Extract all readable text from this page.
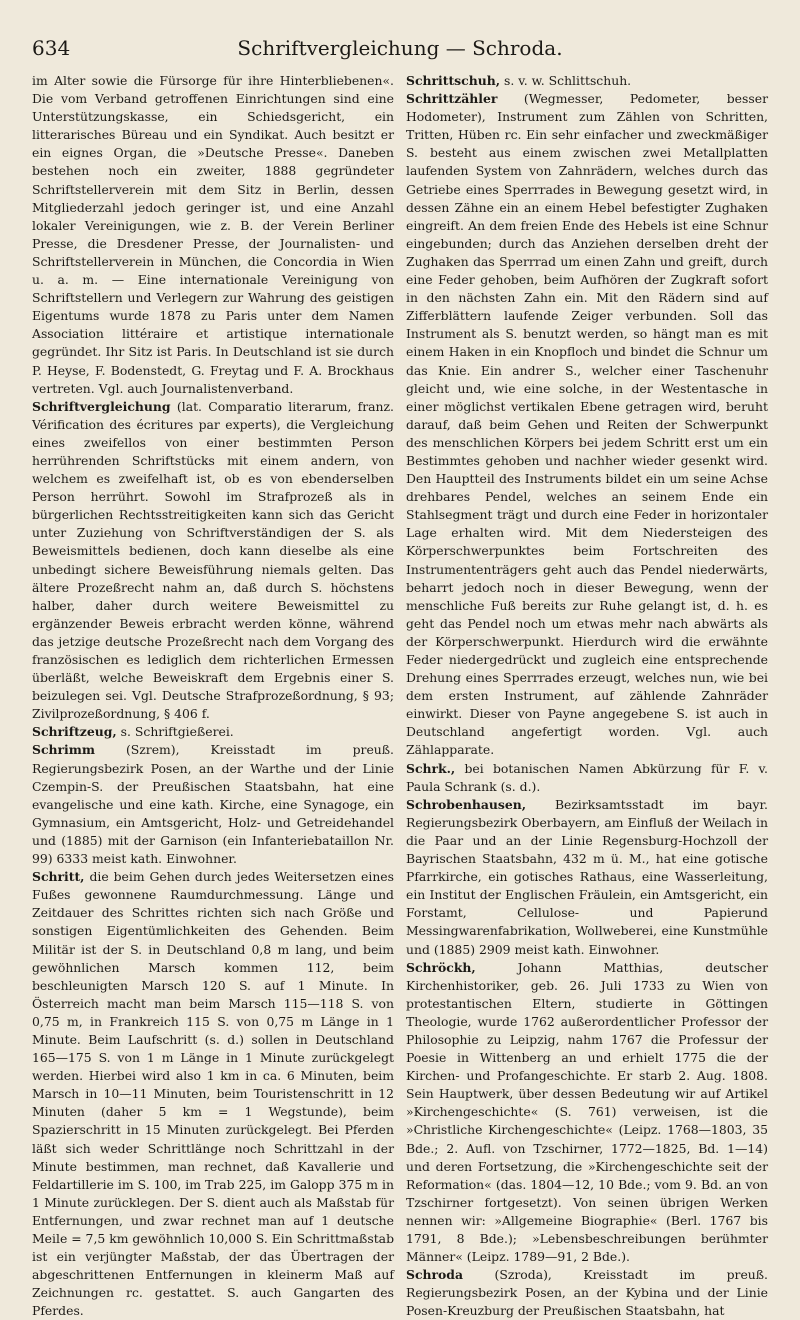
634	Schriftvergleichung — Schroda.

im Alter sowie die Fürsorge für ihre Hinterbliebenen«. Die vom Verband getroffenen Einrichtungen sind eine Unterstützungskasse, ein Schiedsgericht, ein litterarisches Büreau und ein Syndikat. Auch besitzt er ein eignes Organ, die »Deutsche Presse«. Daneben bestehen noch ein zweiter, 1888 gegründeter Schriftstellerverein mit dem Sitz in Berlin, dessen Mitgliederzahl jedoch geringer ist, und eine Anzahl lokaler Vereinigungen, wie z. B. der Verein Berliner Presse, die Dresdener Presse, der Journalisten- und Schriftstellerverein in München, die Concordia in Wien u. a. m. — Eine internationale Vereinigung von Schriftstellern und Verlegern zur Wahrung des geistigen Eigentums wurde 1878 zu Paris unter dem Namen Association littéraire et artistique internationale gegründet. Ihr Sitz ist Paris. In Deutschland ist sie durch P. Heyse, F. Bodenstedt, G. Freytag und F. A. Brockhaus vertreten. Vgl. auch Journalistenverband.

Schriftvergleichung (lat. Comparatio literarum, franz. Vérification des écritures par experts), die Vergleichung eines zweifellos von einer bestimmten Person herrührenden Schriftstücks mit einem andern, von welchem es zweifelhaft ist, ob es von ebenderselben Person herrührt. Sowohl im Strafprozeß als in bürgerlichen Rechtsstreitigkeiten kann sich das Gericht unter Zuziehung von Schriftverständigen der S. als Beweismittels bedienen, doch kann dieselbe als eine unbedingt sichere Beweisführung niemals gelten. Das ältere Prozeßrecht nahm an, daß durch S. höchstens halber, daher durch weitere Beweismittel zu ergänzender Beweis erbracht werden könne, während das jetzige deutsche Prozeßrecht nach dem Vorgang des französischen es lediglich dem richterlichen Ermessen überläßt, welche Beweiskraft dem Ergebnis einer S. beizulegen sei. Vgl. Deutsche Strafprozeßordnung, § 93; Zivilprozeßordnung, § 406 f.

Schriftzeug, s. Schriftgießerei.

Schrimm (Szrem), Kreisstadt im preuß. Regierungsbezirk Posen, an der Warthe und der Linie Czempin-S. der Preußischen Staatsbahn, hat eine evangelische und eine kath. Kirche, eine Synagoge, ein Gymnasium, ein Amtsgericht, Holz- und Getreidehandel und (1885) mit der Garnison (ein Infanteriebataillon Nr. 99) 6333 meist kath. Einwohner.

Schritt, die beim Gehen durch jedes Weitersetzen eines Fußes gewonnene Raumdurchmessung. Länge und Zeitdauer des Schrittes richten sich nach Größe und sonstigen Eigentümlichkeiten des Gehenden. Beim Militär ist der S. in Deutschland 0,8 m lang, und beim gewöhnlichen Marsch kommen 112, beim beschleunigten Marsch 120 S. auf 1 Minute. In Österreich macht man beim Marsch 115—118 S. von 0,75 m, in Frankreich 115 S. von 0,75 m Länge in 1 Minute. Beim Laufschritt (s. d.) sollen in Deutschland 165—175 S. von 1 m Länge in 1 Minute zurückgelegt werden. Hierbei wird also 1 km in ca. 6 Minuten, beim Marsch in 10—11 Minuten, beim Touristenschritt in 12 Minuten (daher 5 km = 1 Wegstunde), beim Spazierschritt in 15 Minuten zurückgelegt. Bei Pferden läßt sich weder Schrittlänge noch Schrittzahl in der Minute bestimmen, man rechnet, daß Kavallerie und Feldartillerie im S. 100, im Trab 225, im Galopp 375 m in 1 Minute zurücklegen. Der S. dient auch als Maßstab für Entfernungen, und zwar rechnet man auf 1 deutsche Meile = 7,5 km gewöhnlich 10,000 S. Ein Schrittmaßstab ist ein verjüngter Maßstab, der das Übertragen der abgeschrittenen Entfernungen in kleinerm Maß auf Zeichnungen rc. gestattet. S. auch Gangarten des Pferdes.

Schrittschuh, s. v. w. Schlittschuh.

Schrittzähler (Wegmesser, Pedometer, besser Hodometer), Instrument zum Zählen von Schritten, Tritten, Hüben rc. Ein sehr einfacher und zweckmäßiger S. besteht aus einem zwischen zwei Metallplatten laufenden System von Zahnrädern, welches durch das Getriebe eines Sperrrades in Bewegung gesetzt wird, in dessen Zähne ein an einem Hebel befestigter Zughaken eingreift. An dem freien Ende des Hebels ist eine Schnur eingebunden; durch das Anziehen derselben dreht der Zughaken das Sperrrad um einen Zahn und greift, durch eine Feder gehoben, beim Aufhören der Zugkraft sofort in den nächsten Zahn ein. Mit den Rädern sind auf Zifferblättern laufende Zeiger verbunden. Soll das Instrument als S. benutzt werden, so hängt man es mit einem Haken in ein Knopfloch und bindet die Schnur um das Knie. Ein andrer S., welcher einer Taschenuhr gleicht und, wie eine solche, in der Westentasche in einer möglichst vertikalen Ebene getragen wird, beruht darauf, daß beim Gehen und Reiten der Schwerpunkt des menschlichen Körpers bei jedem Schritt erst um ein Bestimmtes gehoben und nachher wieder gesenkt wird. Den Hauptteil des Instruments bildet ein um seine Achse drehbares Pendel, welches an seinem Ende ein Stahlsegment trägt und durch eine Feder in horizontaler Lage erhalten wird. Mit dem Niedersteigen des Körperschwerpunktes beim Fortschreiten des Instrumententrägers geht auch das Pendel niederwärts, beharrt jedoch noch in dieser Bewegung, wenn der menschliche Fuß bereits zur Ruhe gelangt ist, d. h. es geht das Pendel noch um etwas mehr nach abwärts als der Körperschwerpunkt. Hierdurch wird die erwähnte Feder niedergedrückt und zugleich eine entsprechende Drehung eines Sperrrades erzeugt, welches nun, wie bei dem ersten Instrument, auf zählende Zahnräder einwirkt. Dieser von Payne angegebene S. ist auch in Deutschland angefertigt worden. Vgl. auch Zählapparate.

Schrk., bei botanischen Namen Abkürzung für F. v. Paula Schrank (s. d.).

Schrobenhausen, Bezirksamtsstadt im bayr. Regierungsbezirk Oberbayern, am Einfluß der Weilach in die Paar und an der Linie Regensburg-Hochzoll der Bayrischen Staatsbahn, 432 m ü. M., hat eine gotische Pfarrkirche, ein gotisches Rathaus, eine Wasserleitung, ein Institut der Englischen Fräulein, ein Amtsgericht, ein Forstamt, Cellulose- und Papierund Messingwarenfabrikation, Wollweberei, eine Kunstmühle und (1885) 2909 meist kath. Einwohner.

Schröckh,	Johann Matthias, deutscher Kirchenhistoriker, geb. 26. Juli 1733 zu Wien von protestantischen Eltern, studierte in Göttingen Theologie, wurde 1762 außerordentlicher Professor der Philosophie zu Leipzig, nahm 1767 die Professur der Poesie in Wittenberg an und erhielt 1775 die der Kirchen- und Profangeschichte. Er starb 2. Aug. 1808. Sein Hauptwerk, über dessen Bedeutung wir auf Artikel »Kirchengeschichte« (S. 761) verweisen, ist die »Christliche Kirchengeschichte« (Leipz. 1768—1803, 35 Bde.; 2. Aufl. von Tzschirner, 1772—1825, Bd. 1—14) und deren Fortsetzung, die »Kirchengeschichte seit der Reformation« (das. 1804—12, 10 Bde.; vom 9. Bd. an von Tzschirner fortgesetzt). Von seinen übrigen Werken nennen wir: »Allgemeine Biographie« (Berl. 1767 bis 1791, 8 Bde.); »Lebensbeschreibungen berühmter Männer« (Leipz. 1789—91, 2 Bde.).

Schroda	(Szroda), Kreisstadt im preuß. Regierungsbezirk Posen, an der Kybina und der Linie Posen-Kreuzburg der Preußischen Staatsbahn, hat
